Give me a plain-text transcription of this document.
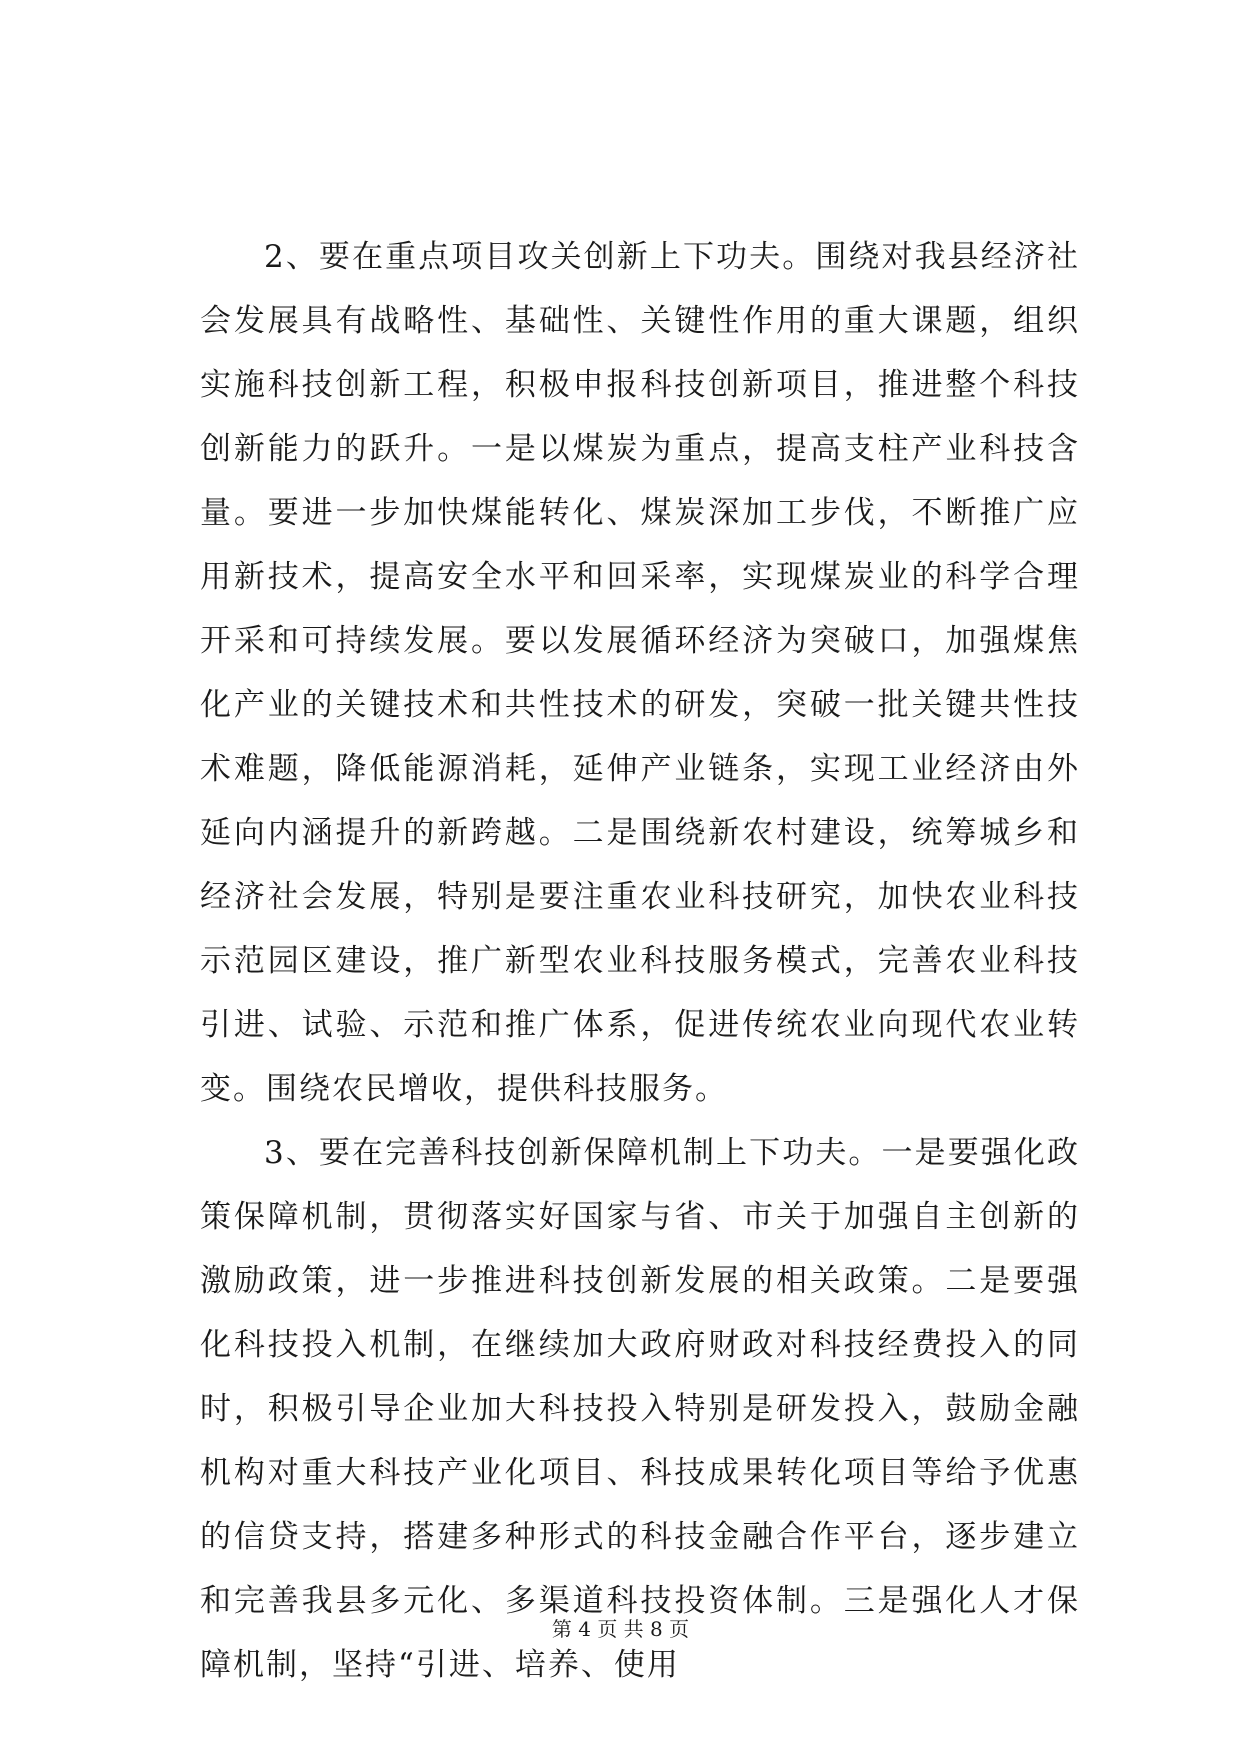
2、要在重点项目攻关创新上下功夫。围绕对我县经济社会发展具有战略性、基础性、关键性作用的重大课题，组织实施科技创新工程，积极申报科技创新项目，推进整个科技创新能力的跃升。一是以煤炭为重点，提高支柱产业科技含量。要进一步加快煤能转化、煤炭深加工步伐，不断推广应用新技术，提高安全水平和回采率，实现煤炭业的科学合理开采和可持续发展。要以发展循环经济为突破口，加强煤焦化产业的关键技术和共性技术的研发，突破一批关键共性技术难题，降低能源消耗，延伸产业链条，实现工业经济由外延向内涵提升的新跨越。二是围绕新农村建设，统筹城乡和经济社会发展，特别是要注重农业科技研究，加快农业科技示范园区建设，推广新型农业科技服务模式，完善农业科技引进、试验、示范和推广体系，促进传统农业向现代农业转变。围绕农民增收，提供科技服务。

3、要在完善科技创新保障机制上下功夫。一是要强化政策保障机制，贯彻落实好国家与省、市关于加强自主创新的激励政策，进一步推进科技创新发展的相关政策。二是要强化科技投入机制，在继续加大政府财政对科技经费投入的同时，积极引导企业加大科技投入特别是研发投入，鼓励金融机构对重大科技产业化项目、科技成果转化项目等给予优惠的信贷支持，搭建多种形式的科技金融合作平台，逐步建立和完善我县多元化、多渠道科技投资体制。三是强化人才保障机制，坚持“引进、培养、使用

第 4 页 共 8 页
